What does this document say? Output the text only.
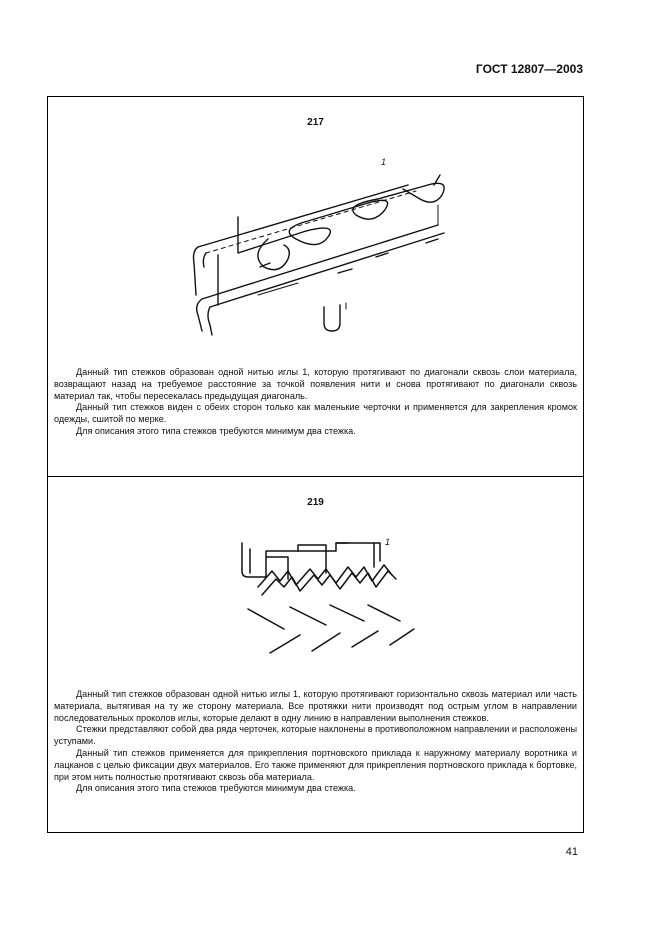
ГОСТ 12807—2003
217
1

Данный тип стежков образован одной нитью иглы 1, которую протягивают по диагонали сквозь слои материала, возвращают назад на требуемое расстояние за точкой появления нити и снова протягивают по диагонали сквозь материал так, чтобы пересекалась предыдущая диагональ.

Данный тип стежков виден с обеих сторон только как маленькие черточки и применяется для закрепления кромок одежды, сшитой по мерке.

Для описания этого типа стежков требуются минимум два стежка.

219
1

Данный тип стежков образован одной нитью иглы 1, которую протягивают горизонтально сквозь материал или часть материала, вытягивая на ту же сторону материала. Все протяжки нити производят под острым углом в направлении последовательных проколов иглы, которые делают в одну линию в направлении выполнения стежков.

Стежки представляют собой два ряда черточек, которые наклонены в противоположном направлении и расположены уступами.

Данный тип стежков применяется для прикрепления портновского приклада к наружному материалу воротника и лацканов с целью фиксации двух материалов. Его также применяют для прикрепления портновского приклада к бортовке, при этом нить полностью протягивают сквозь оба материала.

Для описания этого типа стежков требуются минимум два стежка.

41
